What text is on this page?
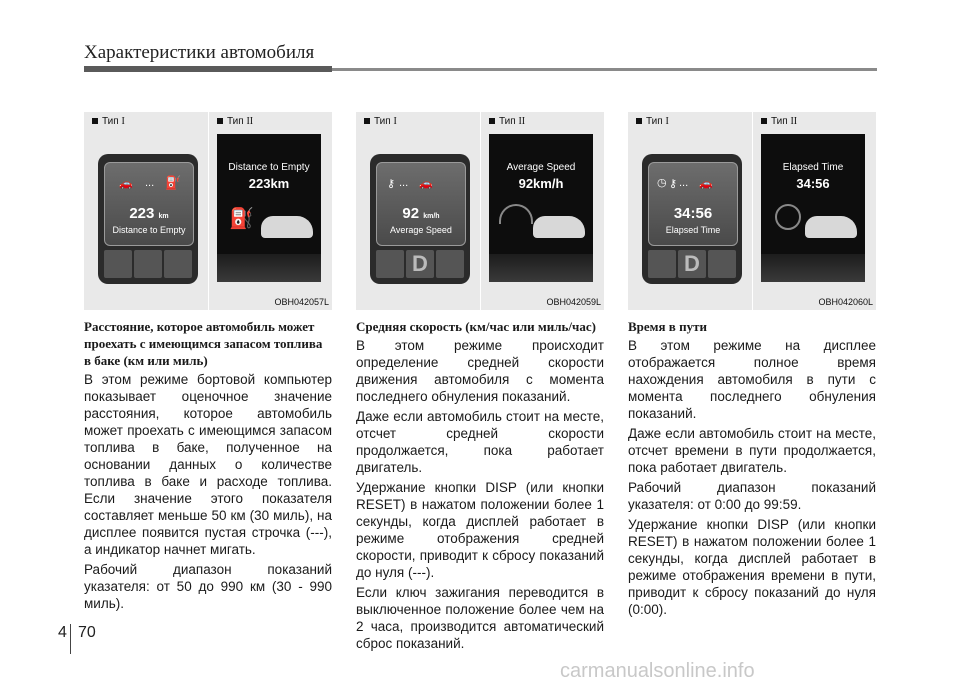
Характеристики автомобиля
Тип I
🚗 ... ⛽
223 km
Distance to Empty
Тип II
Distance to Empty
223km
⛽
OBH042057L
Тип I
⚷ ... 🚗
92 km/h
Average Speed
D
Тип II
Average Speed
92km/h
OBH042059L
Тип I
◷ ⚷ ... 🚗
34:56
Elapsed Time
D
Тип II
Elapsed Time
34:56
OBH042060L
Расстояние, которое автомобиль может проехать с имеющимся запасом топлива в баке (км или миль)

В этом режиме бортовой компьютер показывает оценочное значение расстояния, которое автомобиль может проехать с имеющимся запасом топлива в баке, полученное на основании данных о количестве топлива в баке и расходе топлива. Если значение этого показателя составляет меньше 50 км (30 миль), на дисплее появится пустая строчка (---), а индикатор начнет мигать.

Рабочий диапазон показаний указателя: от 50 до 990 км (30 - 990 миль).

Средняя скорость (км/час или миль/час)

В этом режиме происходит определение средней скорости движения автомобиля с момента последнего обнуления показаний.

Даже если автомобиль стоит на месте, отсчет средней скорости продолжается, пока работает двигатель.

Удержание кнопки DISP (или кнопки RESET) в нажатом положении более 1 секунды, когда дисплей работает в режиме отображения средней скорости, приводит к сбросу показаний до нуля (---).

Если ключ зажигания переводится в выключенное положение более чем на 2 часа, производится автоматический сброс показаний.

Время в пути

В этом режиме на дисплее отображается полное время нахождения автомобиля в пути с момента последнего обнуления показаний.

Даже если автомобиль стоит на месте, отсчет времени в пути продолжается, пока работает двигатель.

Рабочий диапазон показаний указателя: от 0:00 до 99:59.

Удержание кнопки DISP (или кнопки RESET) в нажатом положении более 1 секунды, когда дисплей работает в режиме отображения времени в пути, приводит к сбросу показаний до нуля (0:00).

4 70
carmanualsonline.info
